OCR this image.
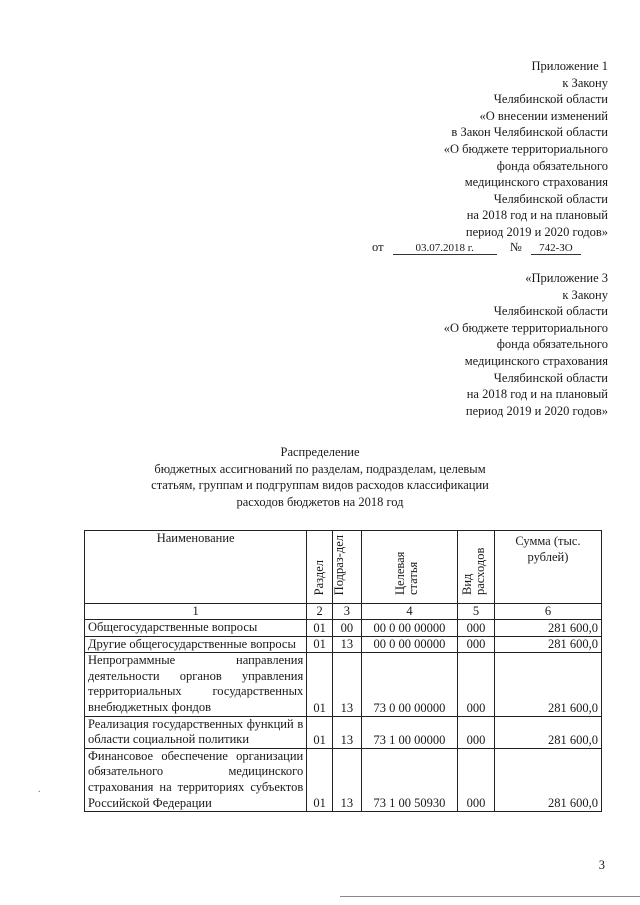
Приложение 1
к Закону
Челябинской области
«О внесении изменений
в Закон Челябинской области
«О бюджете территориального
фонда обязательного
медицинского страхования
Челябинской области
на 2018 год и на плановый
период 2019 и 2020 годов»
от	03.07.2018 г.	№ 742-ЗО
«Приложение 3
к Закону
Челябинской области
«О бюджете территориального
фонда обязательного
медицинского страхования
Челябинской области
на 2018 год и на плановый
период 2019 и 2020 годов»
Распределение
бюджетных ассигнований по разделам, подразделам, целевым
статьям, группам и подгруппам видов расходов классификации
расходов бюджетов на 2018 год
Наименование	Раздел	Подраз-дел	Целевая статья	Вид расходов	Сумма (тыс. рублей)
1	2	3	4	5	6
Общегосударственные вопросы	01	00	00 0 00 00000	000	281 600,0
Другие общегосударственные вопросы	01	13	00 0 00 00000	000	281 600,0
Непрограммные направления деятельности органов управления территориальных государственных внебюджетных фондов	01	13	73 0 00 00000	000	281 600,0
Реализация государственных функций в области социальной политики	01	13	73 1 00 00000	000	281 600,0
Финансовое обеспечение организации обязательного медицинского страхования на территориях субъектов Российской Федерации	01	13	73 1 00 50930	000	281 600,0
.
3
